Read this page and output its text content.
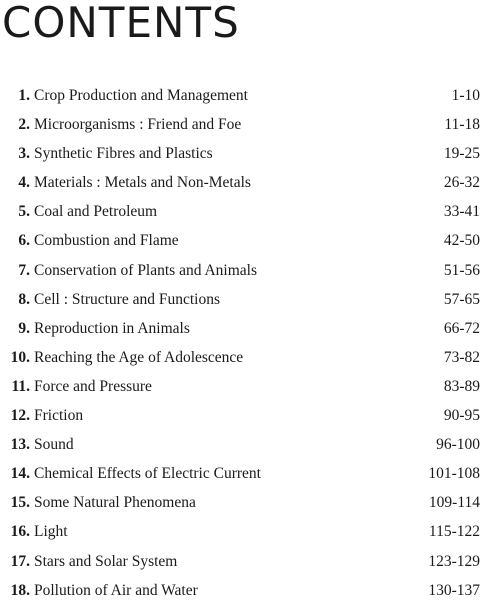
CONTENTS
1. Crop Production and Management	1-10
2. Microorganisms : Friend and Foe	11-18
3. Synthetic Fibres and Plastics	19-25
4. Materials : Metals and Non-Metals	26-32
5. Coal and Petroleum	33-41
6. Combustion and Flame	42-50
7. Conservation of Plants and Animals	51-56
8. Cell : Structure and Functions	57-65
9. Reproduction in Animals	66-72
10. Reaching the Age of Adolescence	73-82
11. Force and Pressure	83-89
12. Friction	90-95
13. Sound	96-100
14. Chemical Effects of Electric Current	101-108
15. Some Natural Phenomena	109-114
16. Light	115-122
17. Stars and Solar System	123-129
18. Pollution of Air and Water	130-137
